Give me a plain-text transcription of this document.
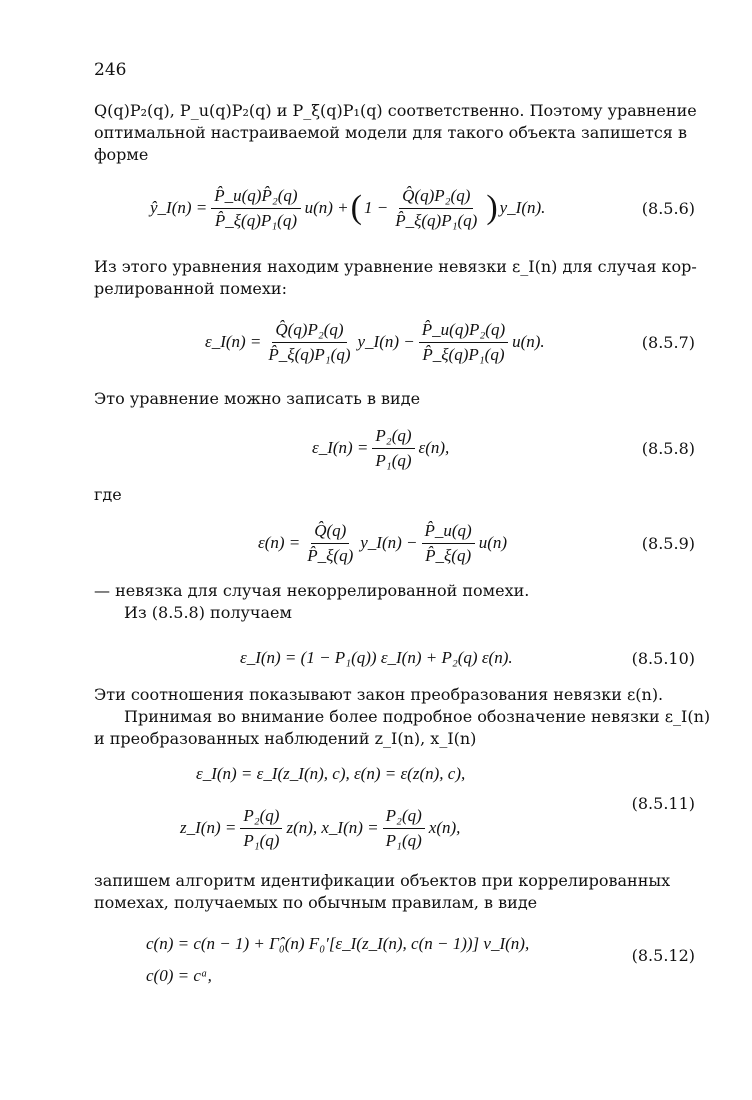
246
Q(q)P₂(q), P_u(q)P₂(q) и P_ξ(q)P₁(q) соответственно. Поэтому уравнение
оптимальной настраиваемой модели для такого объекта запишется в
форме
ŷ_I(n) = $\frac{\text{P̂\_u(q)P̂₂(q)}}{\text{P̂\_ξ(q)P₁(q)}} u(n)$ + ( $1 - \frac{\text{Q̂(q)P₂(q)}}{\text{P̂\_ξ(q)P₁(q)}}$ ) y_I(n).	(8.5.6)
Из этого уравнения находим уравнение невязки ε_I(n) для случая кор-
релированной помехи:
ε_I(n) = $\frac{\text{Q̂(q)P₂(q)}}{\text{P̂\_ξ(q)P₁(q)}}$ y_I(n) − $\frac{\text{P̂\_u(q)P₂(q)}}{\text{P̂\_ξ(q)P₁(q)}} u(n)$.	(8.5.7)
Это уравнение можно записать в виде
ε_I(n) = $\frac{\text{P₂(q)}}{\text{P₁(q)}} \varepsilon(n)$,	(8.5.8)
где
$\varepsilon(n) = \frac{Q̂(q)}{P̂\_\xi(q)}$ y_I(n) − $\frac{P̂\_u(q)}{P̂\_\xi(q)} u(n)$	(8.5.9)
— невязка для случая некоррелированной помехи.
Из (8.5.8) получаем
ε_I(n) = (1 − P₁(q)) ε_I(n) + P₂(q) ε(n).	(8.5.10)
Эти соотношения показывают закон преобразования невязки ε(n).
Принимая во внимание более подробное обозначение невязки ε_I(n)
и преобразованных наблюдений z_I(n), x_I(n)
ε_I(n) = ε_I(z_I(n), c), ε(n) = ε(z(n), c),
z_I(n) = $\frac{\text{P₂(q)}}{\text{P₁(q)}} z(n)$, x_I(n) = $\frac{\text{P₂(q)}}{\text{P₁(q)}} x(n)$,
(8.5.11)
запишем алгоритм идентификации объектов при коррелированных
помехах, получаемых по обычным правилам, в виде
c(n) = c(n − 1) + Γ̂₀(n) F₀′[ε_I(z_I(n), c(n − 1))] v_I(n),
c(0) = cᵃ,
(8.5.12)
